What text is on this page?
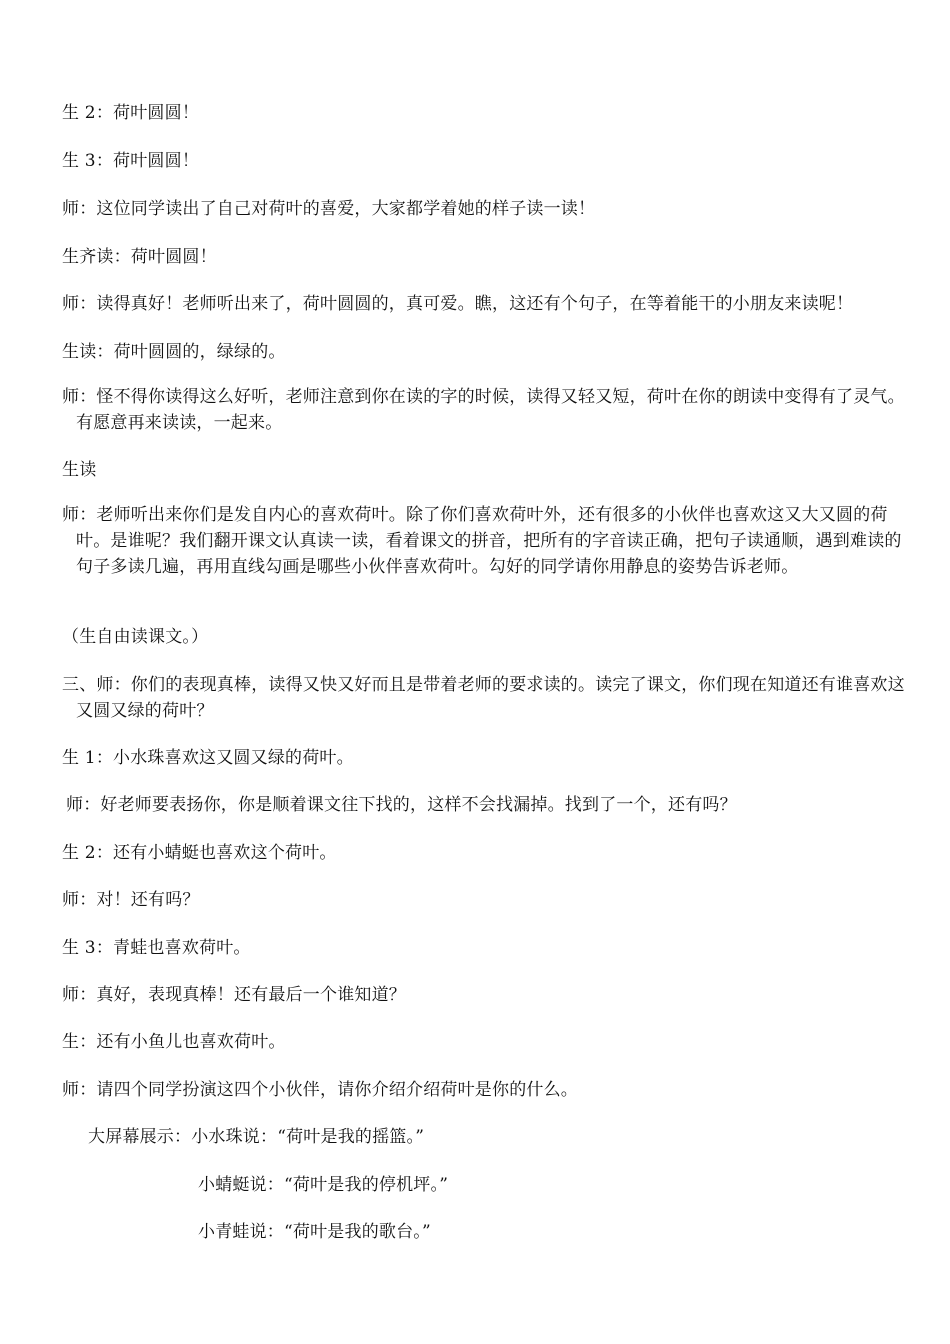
生 2：荷叶圆圆！

生 3：荷叶圆圆！

师：这位同学读出了自己对荷叶的喜爱，大家都学着她的样子读一读！

生齐读：荷叶圆圆！

师：读得真好！老师听出来了，荷叶圆圆的，真可爱。瞧，这还有个句子，在等着能干的小朋友来读呢！

生读：荷叶圆圆的，绿绿的。

师：怪不得你读得这么好听，老师注意到你在读的字的时候，读得又轻又短，荷叶在你的朗读中变得有了灵气。有愿意再来读读，一起来。

生读

师：老师听出来你们是发自内心的喜欢荷叶。除了你们喜欢荷叶外，还有很多的小伙伴也喜欢这又大又圆的荷叶。是谁呢？我们翻开课文认真读一读，看着课文的拼音，把所有的字音读正确，把句子读通顺，遇到难读的句子多读几遍，再用直线勾画是哪些小伙伴喜欢荷叶。勾好的同学请你用静息的姿势告诉老师。

（生自由读课文。）

三、师：你们的表现真棒，读得又快又好而且是带着老师的要求读的。读完了课文，你们现在知道还有谁喜欢这又圆又绿的荷叶？

生 1：小水珠喜欢这又圆又绿的荷叶。

师：好老师要表扬你，你是顺着课文往下找的，这样不会找漏掉。找到了一个，还有吗？

生 2：还有小蜻蜓也喜欢这个荷叶。

师：对！还有吗？

生 3：青蛙也喜欢荷叶。

师：真好，表现真棒！还有最后一个谁知道？

生：还有小鱼儿也喜欢荷叶。

师：请四个同学扮演这四个小伙伴，请你介绍介绍荷叶是你的什么。

大屏幕展示：小水珠说：“荷叶是我的摇篮。”

小蜻蜓说：“荷叶是我的停机坪。”

小青蛙说：“荷叶是我的歌台。”
